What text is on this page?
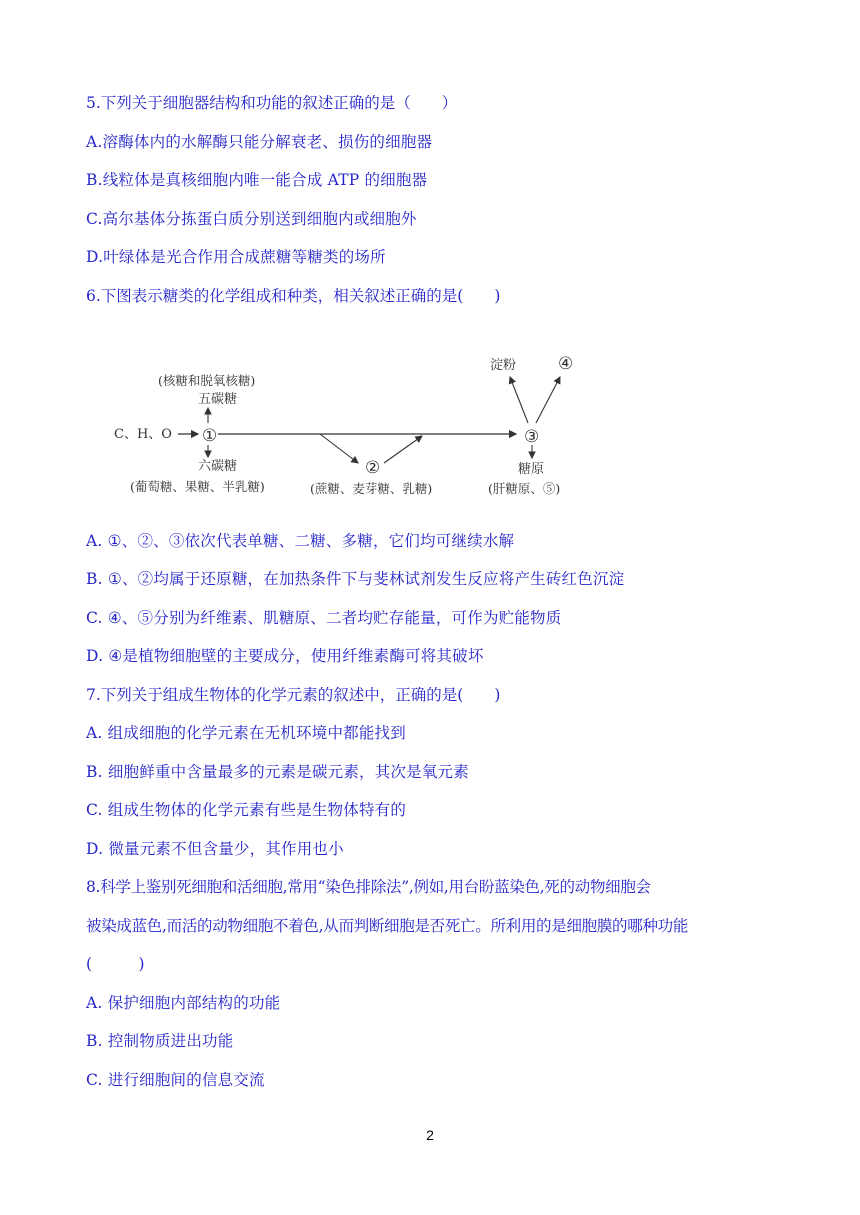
5.下列关于细胞器结构和功能的叙述正确的是（　　）
A.溶酶体内的水解酶只能分解衰老、损伤的细胞器
B.线粒体是真核细胞内唯一能合成 ATP 的细胞器
C.高尔基体分拣蛋白质分别送到细胞内或细胞外
D.叶绿体是光合作用合成蔗糖等糖类的场所
6.下图表示糖类的化学组成和种类，相关叙述正确的是(　　)
(核糖和脱氧核糖)
五碳糖
C、H、O ①
六碳糖
(葡萄糖、果糖、半乳糖)
②
(蔗糖、麦芽糖、乳糖)
③
淀粉 ④
糖原
(肝糖原、⑤)
A. ①、②、③依次代表单糖、二糖、多糖，它们均可继续水解
B. ①、②均属于还原糖，在加热条件下与斐林试剂发生反应将产生砖红色沉淀
C. ④、⑤分别为纤维素、肌糖原、二者均贮存能量，可作为贮能物质
D. ④是植物细胞壁的主要成分，使用纤维素酶可将其破坏
7.下列关于组成生物体的化学元素的叙述中，正确的是(　　)
A. 组成细胞的化学元素在无机环境中都能找到
B. 细胞鲜重中含量最多的元素是碳元素，其次是氧元素
C. 组成生物体的化学元素有些是生物体特有的
D. 微量元素不但含量少，其作用也小
8.科学上鉴别死细胞和活细胞,常用“染色排除法”,例如,用台盼蓝染色,死的动物细胞会
被染成蓝色,而活的动物细胞不着色,从而判断细胞是否死亡。所利用的是细胞膜的哪种功能
(　　　)
A. 保护细胞内部结构的功能
B. 控制物质进出功能
C. 进行细胞间的信息交流
2
